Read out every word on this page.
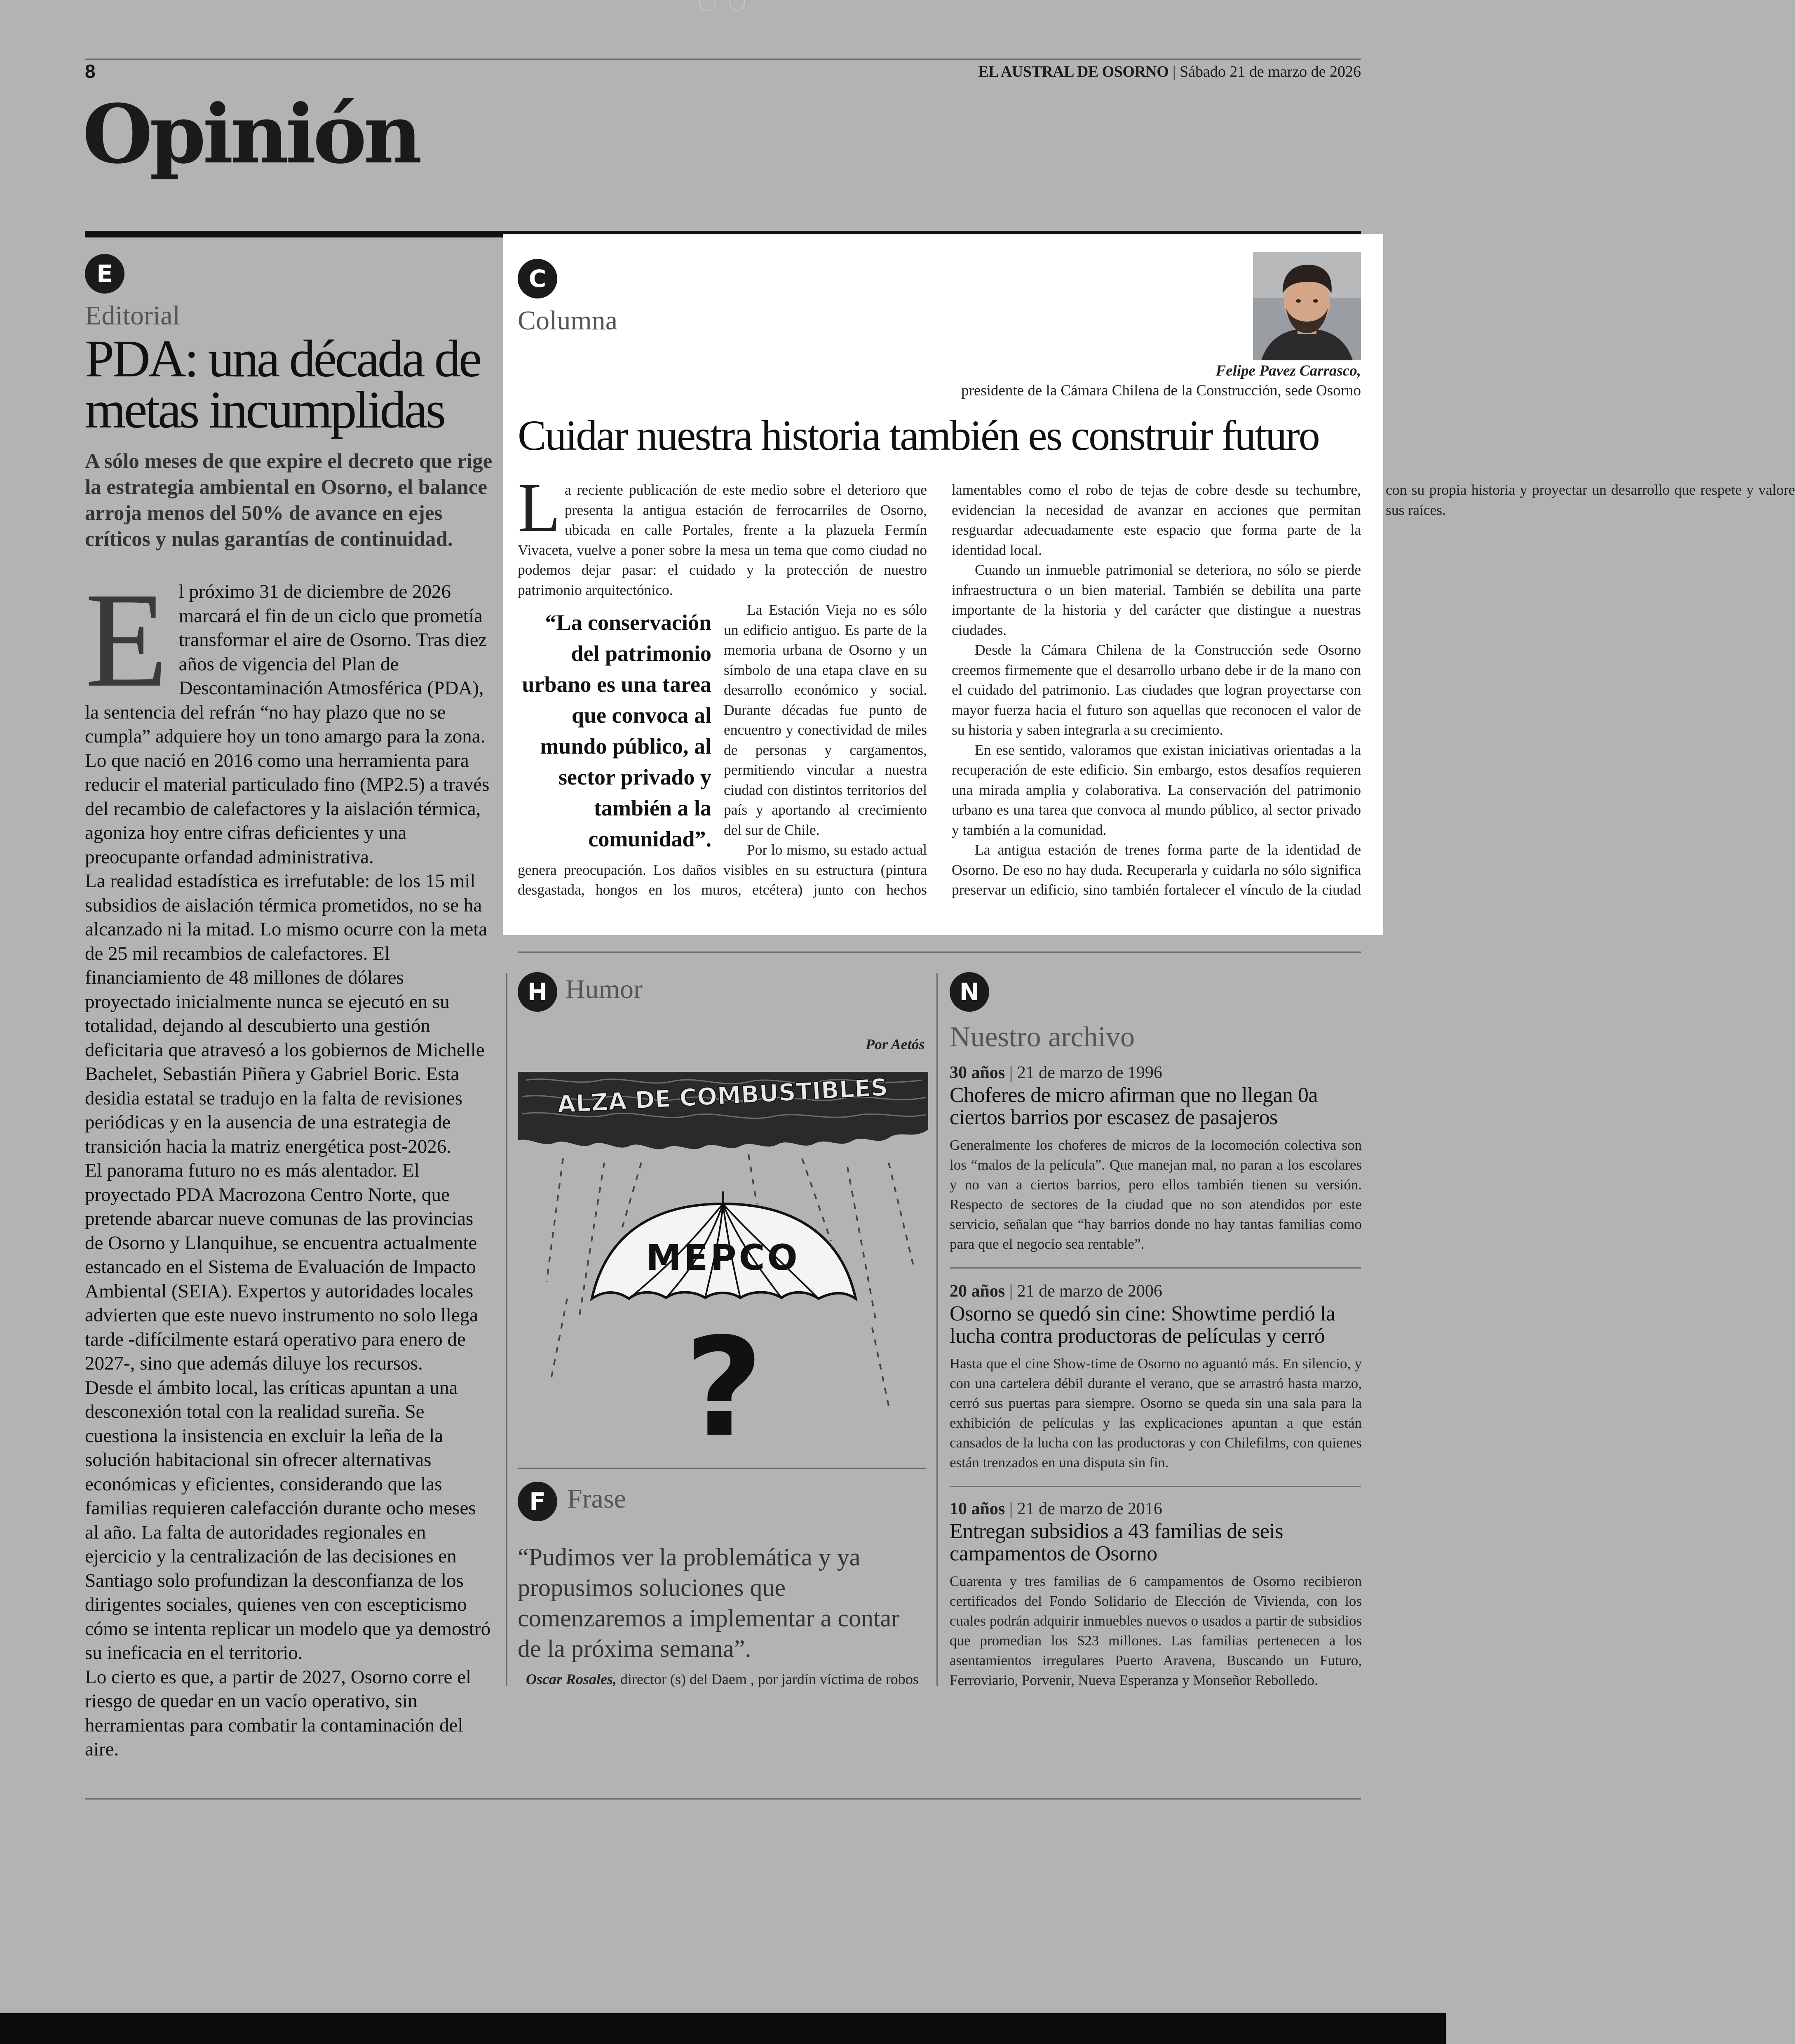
8	EL AUSTRAL DE OSORNO | Sábado 21 de marzo de 2026
Opinión
E
Editorial
PDA: una década de metas incumplidas
A sólo meses de que expire el decreto que rige la estrategia ambiental en Osorno, el balance arroja menos del 50% de avance en ejes críticos y nulas garantías de continuidad.

El próximo 31 de diciembre de 2026 marcará el fin de un ciclo que prometía transformar el aire de Osorno. Tras diez años de vigencia del Plan de Descontaminación Atmosférica (PDA), la sentencia del refrán “no hay plazo que no se cumpla” adquiere hoy un tono amargo para la zona. Lo que nació en 2016 como una herramienta para reducir el material particulado fino (MP2.5) a través del recambio de calefactores y la aislación térmica, agoniza hoy entre cifras deficientes y una preocupante orfandad administrativa.

La realidad estadística es irrefutable: de los 15 mil subsidios de aislación térmica prometidos, no se ha alcanzado ni la mitad. Lo mismo ocurre con la meta de 25 mil recambios de calefactores. El financiamiento de 48 millones de dólares proyectado inicialmente nunca se ejecutó en su totalidad, dejando al descubierto una gestión deficitaria que atravesó a los gobiernos de Michelle Bachelet, Sebastián Piñera y Gabriel Boric. Esta desidia estatal se tradujo en la falta de revisiones periódicas y en la ausencia de una estrategia de transición hacia la matriz energética post-2026.

El panorama futuro no es más alentador. El proyectado PDA Macrozona Centro Norte, que pretende abarcar nueve comunas de las provincias de Osorno y Llanquihue, se encuentra actualmente estancado en el Sistema de Evaluación de Impacto Ambiental (SEIA). Expertos y autoridades locales advierten que este nuevo instrumento no solo llega tarde -difícilmente estará operativo para enero de 2027-, sino que además diluye los recursos.

Desde el ámbito local, las críticas apuntan a una desconexión total con la realidad sureña. Se cuestiona la insistencia en excluir la leña de la solución habitacional sin ofrecer alternativas económicas y eficientes, considerando que las familias requieren calefacción durante ocho meses al año. La falta de autoridades regionales en ejercicio y la centralización de las decisiones en Santiago solo profundizan la desconfianza de los dirigentes sociales, quienes ven con escepticismo cómo se intenta replicar un modelo que ya demostró su ineficacia en el territorio.

Lo cierto es que, a partir de 2027, Osorno corre el riesgo de quedar en un vacío operativo, sin herramientas para combatir la contaminación del aire.

C
Columna
Felipe Pavez Carrasco,
presidente de la Cámara Chilena de la Construcción, sede Osorno
Cuidar nuestra historia también es construir futuro

La reciente publicación de este medio sobre el deterioro que presenta la antigua estación de ferrocarriles de Osorno, ubicada en calle Portales, frente a la plazuela Fermín Vivaceta, vuelve a poner sobre la mesa un tema que como ciudad no podemos dejar pasar: el cuidado y la protección de nuestro patrimonio arquitectónico.

“La conservación del patrimonio urbano es una tarea que convoca al mundo público, al sector privado y también a la comunidad”.

La Estación Vieja no es sólo un edificio antiguo. Es parte de la memoria urbana de Osorno y un símbolo de una etapa clave en su desarrollo económico y social. Durante décadas fue punto de encuentro y conectividad de miles de personas y cargamentos, permitiendo vincular a nuestra ciudad con distintos territorios del país y aportando al crecimiento del sur de Chile.

Por lo mismo, su estado actual genera preocupación. Los daños visibles en su estructura (pintura desgastada, hongos en los muros, etcétera) junto con hechos lamentables como el robo de tejas de cobre desde su techumbre, evidencian la necesidad de avanzar en acciones que permitan resguardar adecuadamente este espacio que forma parte de la identidad local.

Cuando un inmueble patrimonial se deteriora, no sólo se pierde infraestructura o un bien material. También se debilita una parte importante de la historia y del carácter que distingue a nuestras ciudades.

Desde la Cámara Chilena de la Construcción sede Osorno creemos firmemente que el desarrollo urbano debe ir de la mano con el cuidado del patrimonio. Las ciudades que logran proyectarse con mayor fuerza hacia el futuro son aquellas que reconocen el valor de su historia y saben integrarla a su crecimiento.

En ese sentido, valoramos que existan iniciativas orientadas a la recuperación de este edificio. Sin embargo, estos desafíos requieren una mirada amplia y colaborativa. La conservación del patrimonio urbano es una tarea que convoca al mundo público, al sector privado y también a la comunidad.

La antigua estación de trenes forma parte de la identidad de Osorno. De eso no hay duda. Recuperarla y cuidarla no sólo significa preservar un edificio, sino también fortalecer el vínculo de la ciudad con su propia historia y proyectar un desarrollo que respete y valore sus raíces.

H Humor
Por Aetós
ALZA DE COMBUSTIBLES
MEPCO
?
F Frase
“Pudimos ver la problemática y ya propusimos soluciones que comenzaremos a implementar a contar de la próxima semana”.
Oscar Rosales, director (s) del Daem , por jardín víctima de robos
N
Nuestro archivo
30 años | 21 de marzo de 1996
Choferes de micro afirman que no llegan 0a ciertos barrios por escasez de pasajeros
Generalmente los choferes de micros de la locomoción colectiva son los “malos de la película”. Que manejan mal, no paran a los escolares y no van a ciertos barrios, pero ellos también tienen su versión. Respecto de sectores de la ciudad que no son atendidos por este servicio, señalan que “hay barrios donde no hay tantas familias como para que el negocio sea rentable”.
20 años | 21 de marzo de 2006
Osorno se quedó sin cine: Showtime perdió la lucha contra productoras de películas y cerró
Hasta que el cine Show-time de Osorno no aguantó más. En silencio, y con una cartelera débil durante el verano, que se arrastró hasta marzo, cerró sus puertas para siempre. Osorno se queda sin una sala para la exhibición de películas y las explicaciones apuntan a que están cansados de la lucha con las productoras y con Chilefilms, con quienes están trenzados en una disputa sin fin.
10 años | 21 de marzo de 2016
Entregan subsidios a 43 familias de seis campamentos de Osorno
Cuarenta y tres familias de 6 campamentos de Osorno recibieron certificados del Fondo Solidario de Elección de Vivienda, con los cuales podrán adquirir inmuebles nuevos o usados a partir de subsidios que promedian los $23 millones. Las familias pertenecen a los asentamientos irregulares Puerto Aravena, Buscando un Futuro, Ferroviario, Porvenir, Nueva Esperanza y Monseñor Rebolledo.
